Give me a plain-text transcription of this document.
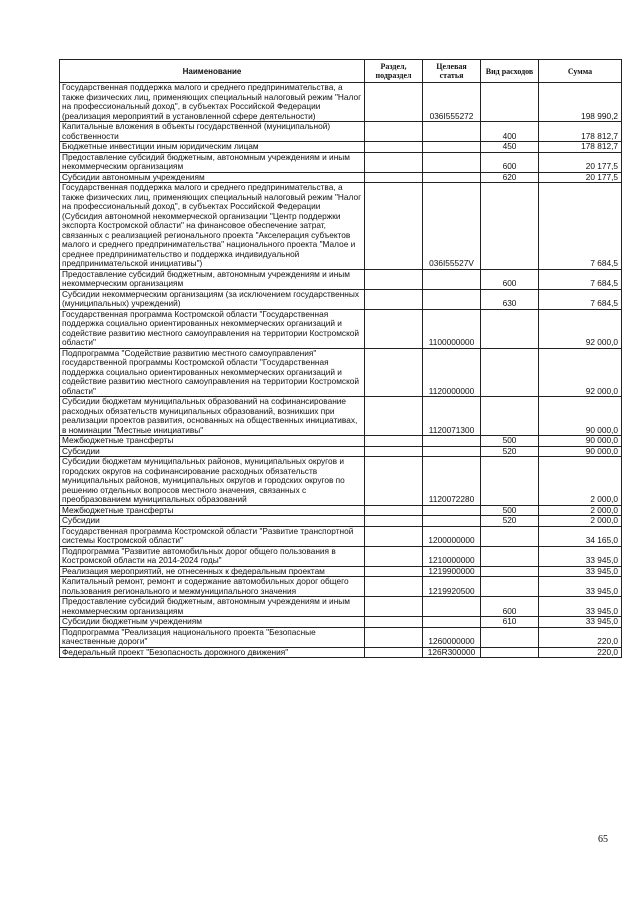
Наименование	Раздел, подраздел	Целевая статья	Вид расходов	Сумма
Государственная поддержка малого и среднего предпринимательства, а также физических лиц, применяющих специальный налоговый режим "Налог на профессиональный доход", в субъектах Российской Федерации (реализация мероприятий в установленной сфере деятельности)		036I555272		198 990,2
Капитальные вложения в объекты государственной (муниципальной) собственности			400	178 812,7
Бюджетные инвестиции иным юридическим лицам			450	178 812,7
Предоставление субсидий бюджетным, автономным учреждениям и иным некоммерческим организациям			600	20 177,5
Субсидии автономным учреждениям			620	20 177,5
Государственная поддержка малого и среднего предпринимательства, а также физических лиц, применяющих специальный налоговый режим "Налог на профессиональный доход", в субъектах Российской Федерации (Субсидия автономной некоммерческой организации "Центр поддержки экспорта Костромской области" на финансовое обеспечение затрат, связанных с реализацией регионального проекта "Акселерация субъектов малого и среднего предпринимательства" национального проекта "Малое и среднее предпринимательство и поддержка индивидуальной предпринимательской инициативы")		036I55527V		7 684,5
Предоставление субсидий бюджетным, автономным учреждениям и иным некоммерческим организациям			600	7 684,5
Субсидии некоммерческим организациям (за исключением государственных (муниципальных) учреждений)			630	7 684,5
Государственная программа Костромской области "Государственная поддержка социально ориентированных некоммерческих организаций и содействие развитию местного самоуправления на территории Костромской области"		1100000000		92 000,0
Подпрограмма "Содействие развитию местного самоуправления" государственной программы Костромской области "Государственная поддержка социально ориентированных некоммерческих организаций и содействие развитию местного самоуправления на территории Костромской области"		1120000000		92 000,0
Субсидии бюджетам муниципальных образований на софинансирование расходных обязательств муниципальных образований, возникших при реализации проектов развития, основанных на общественных инициативах, в номинации "Местные инициативы"		1120071300		90 000,0
Межбюджетные трансферты			500	90 000,0
Субсидии			520	90 000,0
Субсидии бюджетам муниципальных районов, муниципальных округов и городских округов на софинансирование расходных обязательств муниципальных районов, муниципальных округов и городских округов по решению отдельных вопросов местного значения, связанных с преобразованием муниципальных образований		1120072280		2 000,0
Межбюджетные трансферты			500	2 000,0
Субсидии			520	2 000,0
Государственная программа Костромской области "Развитие транспортной системы Костромской области"		1200000000		34 165,0
Подпрограмма "Развитие автомобильных дорог общего пользования в Костромской области на 2014-2024 годы"		1210000000		33 945,0
Реализация мероприятий, не отнесенных к федеральным проектам		1219900000		33 945,0
Капитальный ремонт, ремонт и содержание автомобильных дорог общего пользования регионального и межмуниципального значения		1219920500		33 945,0
Предоставление субсидий бюджетным, автономным учреждениям и иным некоммерческим организациям			600	33 945,0
Субсидии бюджетным учреждениям			610	33 945,0
Подпрограмма "Реализация национального проекта "Безопасные качественные дороги"		1260000000		220,0
Федеральный проект "Безопасность дорожного движения"		126R300000		220,0
65
